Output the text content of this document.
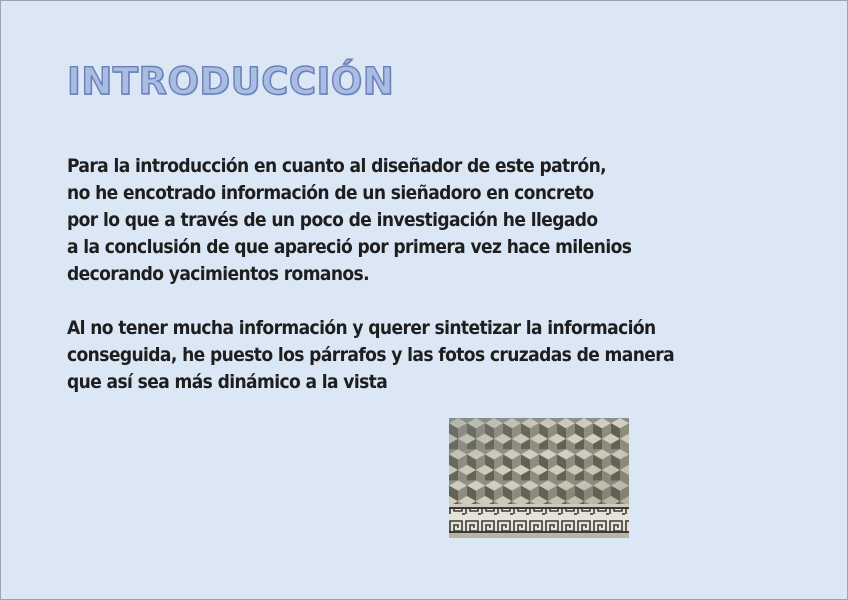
INTRODUCCIÓN

Para la introducción en cuanto al diseñador de este patrón,

no he encotrado información de un sieñadoro en concreto

por lo que a través de un poco de investigación he llegado

a la conclusión de que apareció por primera vez hace milenios

decorando yacimientos romanos.

Al no tener mucha información y querer sintetizar la información

conseguida, he puesto los párrafos y las fotos cruzadas de manera

que así sea más dinámico a la vista
